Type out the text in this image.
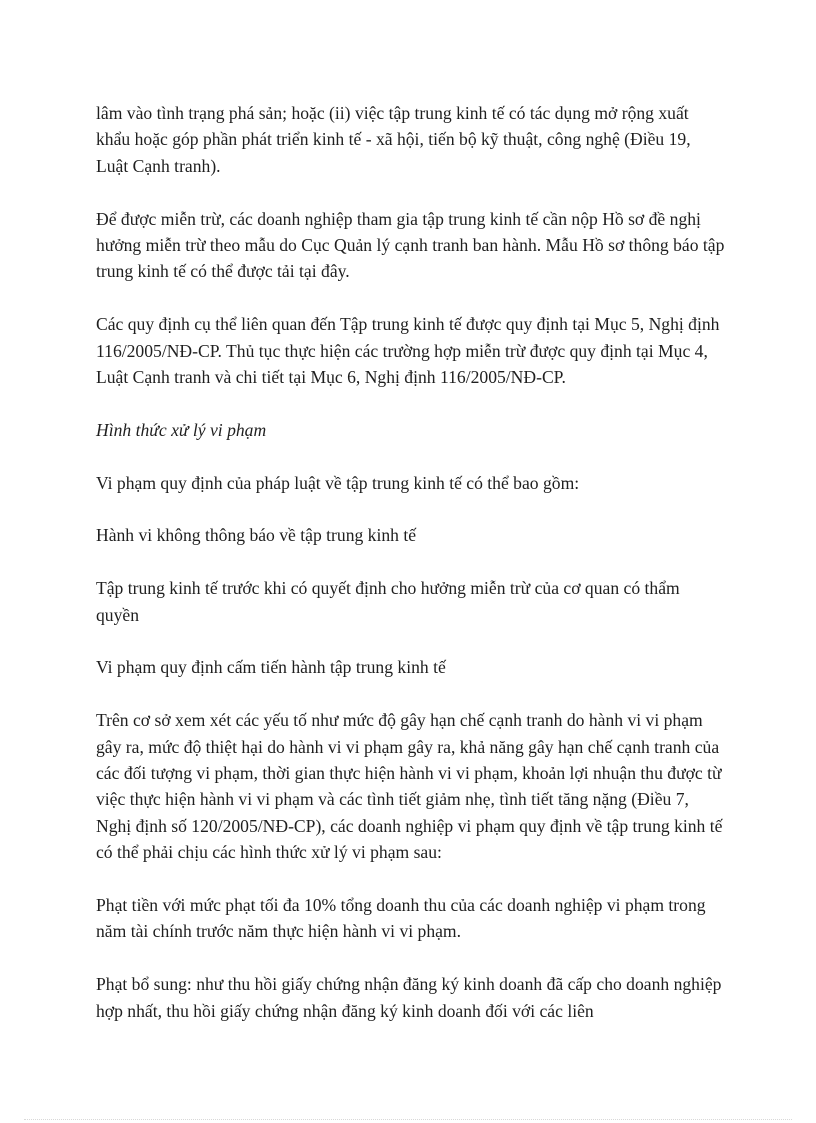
lâm vào tình trạng phá sản; hoặc (ii) việc tập trung kinh tế có tác dụng mở rộng xuất khẩu hoặc góp phần phát triển kinh tế - xã hội, tiến bộ kỹ thuật, công nghệ (Điều 19, Luật Cạnh tranh).

Để được miễn trừ, các doanh nghiệp tham gia tập trung kinh tế cần nộp Hồ sơ đề nghị hưởng miễn trừ theo mẫu do Cục Quản lý cạnh tranh ban hành. Mẫu Hồ sơ thông báo tập trung kinh tế có thể được tải tại đây.

Các quy định cụ thể liên quan đến Tập trung kinh tế được quy định tại Mục 5, Nghị định 116/2005/NĐ-CP. Thủ tục thực hiện các trường hợp miễn trừ được quy định tại Mục 4, Luật Cạnh tranh và chi tiết tại Mục 6, Nghị định 116/2005/NĐ-CP.

Hình thức xử lý vi phạm

Vi phạm quy định của pháp luật về tập trung kinh tế có thể bao gồm:

Hành vi không thông báo về tập trung kinh tế

Tập trung kinh tế trước khi có quyết định cho hưởng miễn trừ của cơ quan có thẩm quyền

Vi phạm quy định cấm tiến hành tập trung kinh tế

Trên cơ sở xem xét các yếu tố như mức độ gây hạn chế cạnh tranh do hành vi vi phạm gây ra, mức độ thiệt hại do hành vi vi phạm gây ra, khả năng gây hạn chế cạnh tranh của các đối tượng vi phạm, thời gian thực hiện hành vi vi phạm, khoản lợi nhuận thu được từ việc thực hiện hành vi vi phạm và các tình tiết giảm nhẹ, tình tiết tăng nặng (Điều 7, Nghị định số 120/2005/NĐ-CP), các doanh nghiệp vi phạm quy định về tập trung kinh tế có thể phải chịu các hình thức xử lý vi phạm sau:

Phạt tiền với mức phạt tối đa 10% tổng doanh thu của các doanh nghiệp vi phạm trong năm tài chính trước năm thực hiện hành vi vi phạm.

Phạt bổ sung: như thu hồi giấy chứng nhận đăng ký kinh doanh đã cấp cho doanh nghiệp hợp nhất, thu hồi giấy chứng nhận đăng ký kinh doanh đối với các liên
